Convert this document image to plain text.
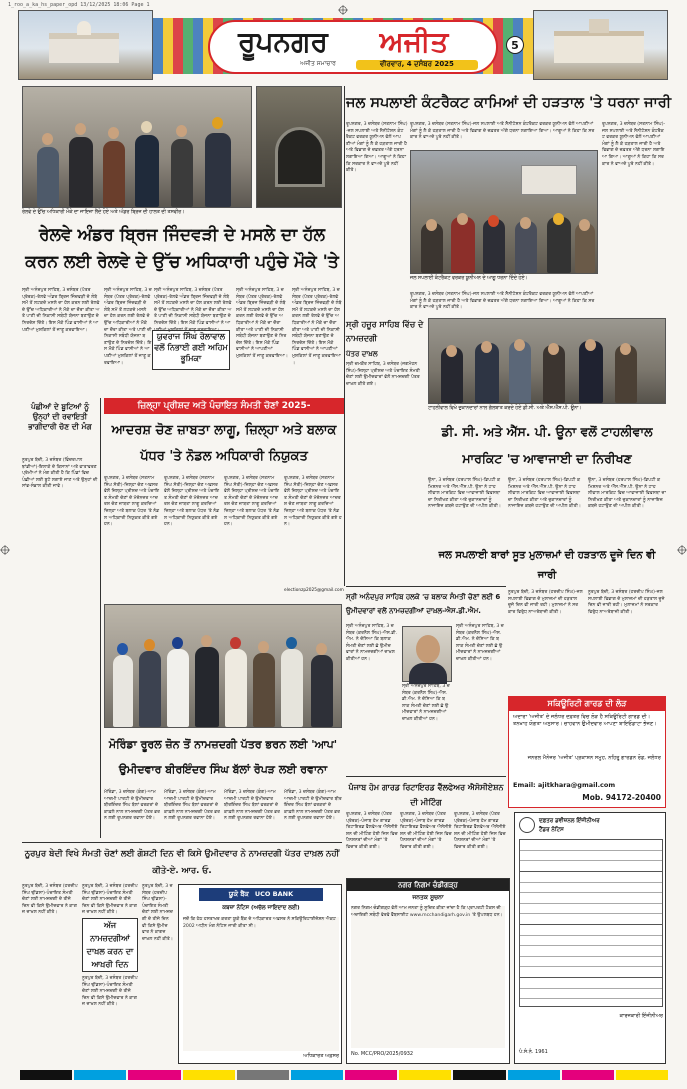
1_roo_a_ka_hs_paper_opd 13/12/2025 18:06 Page 1
ਰੂਪਨਗਰ	ਅਜੀਤ
ਅਜੀਤ ਸਮਾਚਾਰ	ਵੀਰਵਾਰ, 4 ਦਸੰਬਰ 2025
5
ਰੇਲਵੇ ਦੇ ਉੱਚ ਅਧਿਕਾਰੀ ਮੌਕੇ ਦਾ ਜਾਇਜ਼ਾ ਲੈਂਦੇ ਹੋਏ ਅਤੇ ਅੰਡਰ ਬ੍ਰਿਜ ਦੀ ਹਾਲਤ ਦੀ ਤਸਵੀਰ।
ਰੇਲਵੇ ਅੰਡਰ ਬ੍ਰਿਜ ਜਿੰਦਵੜੀ ਦੇ ਮਸਲੇ ਦਾ ਹੱਲ ਕਰਨ ਲਈ ਰੇਲਵੇ ਦੇ ਉੱਚ ਅਧਿਕਾਰੀ ਪਹੁੰਚੇ ਮੌਕੇ 'ਤੇ
ਸ੍ਰੀ ਅਨੰਦਪੁਰ ਸਾਹਿਬ, 3 ਦਸੰਬਰ (ਪੱਤਰ ਪ੍ਰੇਰਕ)-ਰੇਲਵੇ ਅੰਡਰ ਬ੍ਰਿਜ ਜਿੰਦਵੜੀ ਦੇ ਲੰਬੇ ਸਮੇਂ ਤੋਂ ਲਟਕਦੇ ਮਸਲੇ ਦਾ ਹੱਲ ਕਰਨ ਲਈ ਰੇਲਵੇ ਦੇ ਉੱਚ ਅਧਿਕਾਰੀਆਂ ਨੇ ਮੌਕੇ ਦਾ ਦੌਰਾ ਕੀਤਾ ਅਤੇ ਪਾਣੀ ਦੀ ਨਿਕਾਸੀ ਸਬੰਧੀ ਯੋਜਨਾ ਬਣਾਉਣ ਦੇ ਨਿਰਦੇਸ਼ ਦਿੱਤੇ। ਇਸ ਮੌਕੇ ਪਿੰਡ ਵਾਸੀਆਂ ਨੇ ਆਪਣੀਆਂ ਮੁਸ਼ਕਿਲਾਂ ਤੋਂ ਜਾਣੂ ਕਰਵਾਇਆ।
ਸ੍ਰੀ ਅਨੰਦਪੁਰ ਸਾਹਿਬ, 3 ਦਸੰਬਰ (ਪੱਤਰ ਪ੍ਰੇਰਕ)-ਰੇਲਵੇ ਅੰਡਰ ਬ੍ਰਿਜ ਜਿੰਦਵੜੀ ਦੇ ਲੰਬੇ ਸਮੇਂ ਤੋਂ ਲਟਕਦੇ ਮਸਲੇ ਦਾ ਹੱਲ ਕਰਨ ਲਈ ਰੇਲਵੇ ਦੇ ਉੱਚ ਅਧਿਕਾਰੀਆਂ ਨੇ ਮੌਕੇ ਦਾ ਦੌਰਾ ਕੀਤਾ ਅਤੇ ਪਾਣੀ ਦੀ ਨਿਕਾਸੀ ਸਬੰਧੀ ਯੋਜਨਾ ਬਣਾਉਣ ਦੇ ਨਿਰਦੇਸ਼ ਦਿੱਤੇ। ਇਸ ਮੌਕੇ ਪਿੰਡ ਵਾਸੀਆਂ ਨੇ ਆਪਣੀਆਂ ਮੁਸ਼ਕਿਲਾਂ ਤੋਂ ਜਾਣੂ ਕਰਵਾਇਆ।
ਯੁਵਰਾਜ ਸਿੰਘ ਰੋਲਾਵਾਲ ਵਲੋਂ ਨਿਭਾਈ ਗਈ ਅਹਿਮ ਭੂਮਿਕਾ
ਸ੍ਰੀ ਅਨੰਦਪੁਰ ਸਾਹਿਬ, 3 ਦਸੰਬਰ (ਪੱਤਰ ਪ੍ਰੇਰਕ)-ਰੇਲਵੇ ਅੰਡਰ ਬ੍ਰਿਜ ਜਿੰਦਵੜੀ ਦੇ ਲੰਬੇ ਸਮੇਂ ਤੋਂ ਲਟਕਦੇ ਮਸਲੇ ਦਾ ਹੱਲ ਕਰਨ ਲਈ ਰੇਲਵੇ ਦੇ ਉੱਚ ਅਧਿਕਾਰੀਆਂ ਨੇ ਮੌਕੇ ਦਾ ਦੌਰਾ ਕੀਤਾ ਅਤੇ ਪਾਣੀ ਦੀ ਨਿਕਾਸੀ ਸਬੰਧੀ ਯੋਜਨਾ ਬਣਾਉਣ ਦੇ ਨਿਰਦੇਸ਼ ਦਿੱਤੇ। ਇਸ ਮੌਕੇ ਪਿੰਡ ਵਾਸੀਆਂ ਨੇ ਆਪਣੀਆਂ ਮੁਸ਼ਕਿਲਾਂ ਤੋਂ ਜਾਣੂ ਕਰਵਾਇਆ।
ਸ੍ਰੀ ਅਨੰਦਪੁਰ ਸਾਹਿਬ, 3 ਦਸੰਬਰ (ਪੱਤਰ ਪ੍ਰੇਰਕ)-ਰੇਲਵੇ ਅੰਡਰ ਬ੍ਰਿਜ ਜਿੰਦਵੜੀ ਦੇ ਲੰਬੇ ਸਮੇਂ ਤੋਂ ਲਟਕਦੇ ਮਸਲੇ ਦਾ ਹੱਲ ਕਰਨ ਲਈ ਰੇਲਵੇ ਦੇ ਉੱਚ ਅਧਿਕਾਰੀਆਂ ਨੇ ਮੌਕੇ ਦਾ ਦੌਰਾ ਕੀਤਾ ਅਤੇ ਪਾਣੀ ਦੀ ਨਿਕਾਸੀ ਸਬੰਧੀ ਯੋਜਨਾ ਬਣਾਉਣ ਦੇ ਨਿਰਦੇਸ਼ ਦਿੱਤੇ। ਇਸ ਮੌਕੇ ਪਿੰਡ ਵਾਸੀਆਂ ਨੇ ਆਪਣੀਆਂ ਮੁਸ਼ਕਿਲਾਂ ਤੋਂ ਜਾਣੂ ਕਰਵਾਇਆ।
ਸ੍ਰੀ ਅਨੰਦਪੁਰ ਸਾਹਿਬ, 3 ਦਸੰਬਰ (ਪੱਤਰ ਪ੍ਰੇਰਕ)-ਰੇਲਵੇ ਅੰਡਰ ਬ੍ਰਿਜ ਜਿੰਦਵੜੀ ਦੇ ਲੰਬੇ ਸਮੇਂ ਤੋਂ ਲਟਕਦੇ ਮਸਲੇ ਦਾ ਹੱਲ ਕਰਨ ਲਈ ਰੇਲਵੇ ਦੇ ਉੱਚ ਅਧਿਕਾਰੀਆਂ ਨੇ ਮੌਕੇ ਦਾ ਦੌਰਾ ਕੀਤਾ ਅਤੇ ਪਾਣੀ ਦੀ ਨਿਕਾਸੀ ਸਬੰਧੀ ਯੋਜਨਾ ਬਣਾਉਣ ਦੇ ਨਿਰਦੇਸ਼ ਦਿੱਤੇ। ਇਸ ਮੌਕੇ ਪਿੰਡ ਵਾਸੀਆਂ ਨੇ ਆਪਣੀਆਂ ਮੁਸ਼ਕਿਲਾਂ ਤੋਂ ਜਾਣੂ ਕਰਵਾਇਆ।
ਪੰਛੀਆਂ ਦੇ ਬੂਟਿਆਂ ਨੂੰ ਉਨ੍ਹਾਂ ਦੀ ਰਵਾਇਤੀ ਭਾਗੀਦਾਰੀ ਚੋਣ ਦੀ ਮੰਗ
ਨੂਰਪੁਰ ਬੇਦੀ, 3 ਦਸੰਬਰ (ਵਿੰਦਰਪਾਲ ਝਾਂਡੀਆਂ)-ਇਲਾਕੇ ਦੇ ਕਿਸਾਨਾਂ ਅਤੇ ਵਾਤਾਵਰਣ ਪ੍ਰੇਮੀਆਂ ਨੇ ਮੰਗ ਕੀਤੀ ਹੈ ਕਿ ਪਿੰਡਾਂ ਵਿਚ ਪੰਛੀਆਂ ਲਈ ਬੂਟੇ ਲਗਾਏ ਜਾਣ ਅਤੇ ਉਨ੍ਹਾਂ ਦੀ ਸਾਂਭ-ਸੰਭਾਲ ਕੀਤੀ ਜਾਵੇ।
ਜ਼ਿਲ੍ਹਾ ਪ੍ਰੀਸ਼ਦ ਅਤੇ ਪੰਚਾਇਤ ਸੰਮਤੀ ਚੋਣਾਂ 2025-
ਆਦਰਸ਼ ਚੋਣ ਜ਼ਾਬਤਾ ਲਾਗੂ, ਜ਼ਿਲ੍ਹਾ ਅਤੇ ਬਲਾਕ ਪੱਧਰ 'ਤੇ ਨੋਡਲ ਅਧਿਕਾਰੀ ਨਿਯੁਕਤ
ਰੂਪਨਗਰ, 3 ਦਸੰਬਰ (ਸਤਨਾਮ ਸਿੰਘ ਸੱਤੀ)-ਜ਼ਿਲ੍ਹਾ ਚੋਣ ਅਫ਼ਸਰ ਵੱਲੋਂ ਜ਼ਿਲ੍ਹਾ ਪ੍ਰੀਸ਼ਦ ਅਤੇ ਪੰਚਾਇਤ ਸੰਮਤੀ ਚੋਣਾਂ ਦੇ ਮੱਦੇਨਜ਼ਰ ਆਦਰਸ਼ ਚੋਣ ਜ਼ਾਬਤਾ ਲਾਗੂ ਕਰਦਿਆਂ ਜ਼ਿਲ੍ਹਾ ਅਤੇ ਬਲਾਕ ਪੱਧਰ 'ਤੇ ਨੋਡਲ ਅਧਿਕਾਰੀ ਨਿਯੁਕਤ ਕੀਤੇ ਗਏ ਹਨ।
ਰੂਪਨਗਰ, 3 ਦਸੰਬਰ (ਸਤਨਾਮ ਸਿੰਘ ਸੱਤੀ)-ਜ਼ਿਲ੍ਹਾ ਚੋਣ ਅਫ਼ਸਰ ਵੱਲੋਂ ਜ਼ਿਲ੍ਹਾ ਪ੍ਰੀਸ਼ਦ ਅਤੇ ਪੰਚਾਇਤ ਸੰਮਤੀ ਚੋਣਾਂ ਦੇ ਮੱਦੇਨਜ਼ਰ ਆਦਰਸ਼ ਚੋਣ ਜ਼ਾਬਤਾ ਲਾਗੂ ਕਰਦਿਆਂ ਜ਼ਿਲ੍ਹਾ ਅਤੇ ਬਲਾਕ ਪੱਧਰ 'ਤੇ ਨੋਡਲ ਅਧਿਕਾਰੀ ਨਿਯੁਕਤ ਕੀਤੇ ਗਏ ਹਨ।
ਰੂਪਨਗਰ, 3 ਦਸੰਬਰ (ਸਤਨਾਮ ਸਿੰਘ ਸੱਤੀ)-ਜ਼ਿਲ੍ਹਾ ਚੋਣ ਅਫ਼ਸਰ ਵੱਲੋਂ ਜ਼ਿਲ੍ਹਾ ਪ੍ਰੀਸ਼ਦ ਅਤੇ ਪੰਚਾਇਤ ਸੰਮਤੀ ਚੋਣਾਂ ਦੇ ਮੱਦੇਨਜ਼ਰ ਆਦਰਸ਼ ਚੋਣ ਜ਼ਾਬਤਾ ਲਾਗੂ ਕਰਦਿਆਂ ਜ਼ਿਲ੍ਹਾ ਅਤੇ ਬਲਾਕ ਪੱਧਰ 'ਤੇ ਨੋਡਲ ਅਧਿਕਾਰੀ ਨਿਯੁਕਤ ਕੀਤੇ ਗਏ ਹਨ।
ਰੂਪਨਗਰ, 3 ਦਸੰਬਰ (ਸਤਨਾਮ ਸਿੰਘ ਸੱਤੀ)-ਜ਼ਿਲ੍ਹਾ ਚੋਣ ਅਫ਼ਸਰ ਵੱਲੋਂ ਜ਼ਿਲ੍ਹਾ ਪ੍ਰੀਸ਼ਦ ਅਤੇ ਪੰਚਾਇਤ ਸੰਮਤੀ ਚੋਣਾਂ ਦੇ ਮੱਦੇਨਜ਼ਰ ਆਦਰਸ਼ ਚੋਣ ਜ਼ਾਬਤਾ ਲਾਗੂ ਕਰਦਿਆਂ ਜ਼ਿਲ੍ਹਾ ਅਤੇ ਬਲਾਕ ਪੱਧਰ 'ਤੇ ਨੋਡਲ ਅਧਿਕਾਰੀ ਨਿਯੁਕਤ ਕੀਤੇ ਗਏ ਹਨ।
electionzp2025@gmail.com
ਮੋਰਿੰਡਾ ਰੂਰਲ ਜ਼ੋਨ ਤੋਂ ਨਾਮਜ਼ਦਗੀ ਪੱਤਰ ਭਰਨ ਲਈ 'ਆਪ' ਉਮੀਦਵਾਰ ਬੀਰਇੰਦਰ ਸਿੰਘ ਬੱਲਾਂ ਰੋਪੜ ਲਈ ਰਵਾਨਾ
ਮੋਰਿੰਡਾ, 3 ਦਸੰਬਰ (ਕੰਗ)-ਆਮ ਆਦਮੀ ਪਾਰਟੀ ਦੇ ਉਮੀਦਵਾਰ ਬੀਰਇੰਦਰ ਸਿੰਘ ਬੱਲਾਂ ਵਰਕਰਾਂ ਦੇ ਕਾਫ਼ਲੇ ਨਾਲ ਨਾਮਜ਼ਦਗੀ ਪੱਤਰ ਭਰਨ ਲਈ ਰੂਪਨਗਰ ਰਵਾਨਾ ਹੋਏ।
ਮੋਰਿੰਡਾ, 3 ਦਸੰਬਰ (ਕੰਗ)-ਆਮ ਆਦਮੀ ਪਾਰਟੀ ਦੇ ਉਮੀਦਵਾਰ ਬੀਰਇੰਦਰ ਸਿੰਘ ਬੱਲਾਂ ਵਰਕਰਾਂ ਦੇ ਕਾਫ਼ਲੇ ਨਾਲ ਨਾਮਜ਼ਦਗੀ ਪੱਤਰ ਭਰਨ ਲਈ ਰੂਪਨਗਰ ਰਵਾਨਾ ਹੋਏ।
ਮੋਰਿੰਡਾ, 3 ਦਸੰਬਰ (ਕੰਗ)-ਆਮ ਆਦਮੀ ਪਾਰਟੀ ਦੇ ਉਮੀਦਵਾਰ ਬੀਰਇੰਦਰ ਸਿੰਘ ਬੱਲਾਂ ਵਰਕਰਾਂ ਦੇ ਕਾਫ਼ਲੇ ਨਾਲ ਨਾਮਜ਼ਦਗੀ ਪੱਤਰ ਭਰਨ ਲਈ ਰੂਪਨਗਰ ਰਵਾਨਾ ਹੋਏ।
ਮੋਰਿੰਡਾ, 3 ਦਸੰਬਰ (ਕੰਗ)-ਆਮ ਆਦਮੀ ਪਾਰਟੀ ਦੇ ਉਮੀਦਵਾਰ ਬੀਰਇੰਦਰ ਸਿੰਘ ਬੱਲਾਂ ਵਰਕਰਾਂ ਦੇ ਕਾਫ਼ਲੇ ਨਾਲ ਨਾਮਜ਼ਦਗੀ ਪੱਤਰ ਭਰਨ ਲਈ ਰੂਪਨਗਰ ਰਵਾਨਾ ਹੋਏ।
ਨੂਰਪੁਰ ਬੇਦੀ ਵਿਖੇ ਸੰਮਤੀ ਚੋਣਾਂ ਲਈ ਗੋਸ਼ਟੀ ਦਿਨ ਵੀ ਕਿਸੇ ਉਮੀਦਵਾਰ ਨੇ ਨਾਮਜ਼ਦਗੀ ਪੱਤਰ ਦਾਖ਼ਲ ਨਹੀਂ ਕੀਤੇ-ਏ. ਆਰ. ਓ.
ਨੂਰਪੁਰ ਬੇਦੀ, 3 ਦਸੰਬਰ (ਹਰਦੀਪ ਸਿੰਘ ਢੀਂਡਸਾ)-ਪੰਚਾਇਤ ਸੰਮਤੀ ਚੋਣਾਂ ਲਈ ਨਾਮਜ਼ਦਗੀ ਦੇ ਤੀਜੇ ਦਿਨ ਵੀ ਕਿਸੇ ਉਮੀਦਵਾਰ ਨੇ ਕਾਗਜ਼ ਦਾਖ਼ਲ ਨਹੀਂ ਕੀਤੇ।
ਅੱਜ ਨਾਮਜ਼ਦਗੀਆਂ ਦਾਖ਼ਲ ਕਰਨ ਦਾ ਆਖ਼ਰੀ ਦਿਨ
ਨੂਰਪੁਰ ਬੇਦੀ, 3 ਦਸੰਬਰ (ਹਰਦੀਪ ਸਿੰਘ ਢੀਂਡਸਾ)-ਪੰਚਾਇਤ ਸੰਮਤੀ ਚੋਣਾਂ ਲਈ ਨਾਮਜ਼ਦਗੀ ਦੇ ਤੀਜੇ ਦਿਨ ਵੀ ਕਿਸੇ ਉਮੀਦਵਾਰ ਨੇ ਕਾਗਜ਼ ਦਾਖ਼ਲ ਨਹੀਂ ਕੀਤੇ।
ਨੂਰਪੁਰ ਬੇਦੀ, 3 ਦਸੰਬਰ (ਹਰਦੀਪ ਸਿੰਘ ਢੀਂਡਸਾ)-ਪੰਚਾਇਤ ਸੰਮਤੀ ਚੋਣਾਂ ਲਈ ਨਾਮਜ਼ਦਗੀ ਦੇ ਤੀਜੇ ਦਿਨ ਵੀ ਕਿਸੇ ਉਮੀਦਵਾਰ ਨੇ ਕਾਗਜ਼ ਦਾਖ਼ਲ ਨਹੀਂ ਕੀਤੇ।
ਨੂਰਪੁਰ ਬੇਦੀ, 3 ਦਸੰਬਰ (ਹਰਦੀਪ ਸਿੰਘ ਢੀਂਡਸਾ)-ਪੰਚਾਇਤ ਸੰਮਤੀ ਚੋਣਾਂ ਲਈ ਨਾਮਜ਼ਦਗੀ ਦੇ ਤੀਜੇ ਦਿਨ ਵੀ ਕਿਸੇ ਉਮੀਦਵਾਰ ਨੇ ਕਾਗਜ਼ ਦਾਖ਼ਲ ਨਹੀਂ ਕੀਤੇ।
ਯੂਕੋ ਬੈਂਕ UCO BANK
ਕਬਜ਼ਾ ਨੋਟਿਸ (ਅਚੱਲ ਜਾਇਦਾਦ ਲਈ)
ਜਦੋਂ ਕਿ ਹੇਠ ਹਸਤਾਖਰ ਕਰਤਾ ਯੂਕੋ ਬੈਂਕ ਦੇ ਅਧਿਕਾਰਤ ਅਫ਼ਸਰ ਨੇ ਸਕਿਊਰਿਟਾਈਜ਼ੇਸ਼ਨ ਐਕਟ 2002 ਅਧੀਨ ਮੰਗ ਨੋਟਿਸ ਜਾਰੀ ਕੀਤਾ ਸੀ।
ਅਧਿਕਾਰਤ ਅਫ਼ਸਰ
ਜਲ ਸਪਲਾਈ ਕੰਟਰੈਕਟ ਕਾਮਿਆਂ ਦੀ ਹੜਤਾਲ 'ਤੇ ਧਰਨਾ ਜਾਰੀ
ਰੂਪਨਗਰ, 3 ਦਸੰਬਰ (ਸਤਨਾਮ ਸਿੰਘ)-ਜਲ ਸਪਲਾਈ ਅਤੇ ਸੈਨੀਟੇਸ਼ਨ ਕੰਟਰੈਕਟ ਵਰਕਰ ਯੂਨੀਅਨ ਵੱਲੋਂ ਆਪਣੀਆਂ ਮੰਗਾਂ ਨੂੰ ਲੈ ਕੇ ਹੜਤਾਲ ਜਾਰੀ ਹੈ ਅਤੇ ਵਿਭਾਗ ਦੇ ਦਫ਼ਤਰ ਅੱਗੇ ਧਰਨਾ ਲਗਾਇਆ ਗਿਆ। ਆਗੂਆਂ ਨੇ ਕਿਹਾ ਕਿ ਸਰਕਾਰ ਨੇ ਵਾਅਦੇ ਪੂਰੇ ਨਹੀਂ ਕੀਤੇ।
ਰੂਪਨਗਰ, 3 ਦਸੰਬਰ (ਸਤਨਾਮ ਸਿੰਘ)-ਜਲ ਸਪਲਾਈ ਅਤੇ ਸੈਨੀਟੇਸ਼ਨ ਕੰਟਰੈਕਟ ਵਰਕਰ ਯੂਨੀਅਨ ਵੱਲੋਂ ਆਪਣੀਆਂ ਮੰਗਾਂ ਨੂੰ ਲੈ ਕੇ ਹੜਤਾਲ ਜਾਰੀ ਹੈ ਅਤੇ ਵਿਭਾਗ ਦੇ ਦਫ਼ਤਰ ਅੱਗੇ ਧਰਨਾ ਲਗਾਇਆ ਗਿਆ। ਆਗੂਆਂ ਨੇ ਕਿਹਾ ਕਿ ਸਰਕਾਰ ਨੇ ਵਾਅਦੇ ਪੂਰੇ ਨਹੀਂ ਕੀਤੇ।
ਜਲ ਸਪਲਾਈ ਕੰਟਰੈਕਟ ਵਰਕਰ ਯੂਨੀਅਨ ਦੇ ਆਗੂ ਧਰਨਾ ਦਿੰਦੇ ਹੋਏ।
ਰੂਪਨਗਰ, 3 ਦਸੰਬਰ (ਸਤਨਾਮ ਸਿੰਘ)-ਜਲ ਸਪਲਾਈ ਅਤੇ ਸੈਨੀਟੇਸ਼ਨ ਕੰਟਰੈਕਟ ਵਰਕਰ ਯੂਨੀਅਨ ਵੱਲੋਂ ਆਪਣੀਆਂ ਮੰਗਾਂ ਨੂੰ ਲੈ ਕੇ ਹੜਤਾਲ ਜਾਰੀ ਹੈ ਅਤੇ ਵਿਭਾਗ ਦੇ ਦਫ਼ਤਰ ਅੱਗੇ ਧਰਨਾ ਲਗਾਇਆ ਗਿਆ। ਆਗੂਆਂ ਨੇ ਕਿਹਾ ਕਿ ਸਰਕਾਰ ਨੇ ਵਾਅਦੇ ਪੂਰੇ ਨਹੀਂ ਕੀਤੇ।
ਰੂਪਨਗਰ, 3 ਦਸੰਬਰ (ਸਤਨਾਮ ਸਿੰਘ)-ਜਲ ਸਪਲਾਈ ਅਤੇ ਸੈਨੀਟੇਸ਼ਨ ਕੰਟਰੈਕਟ ਵਰਕਰ ਯੂਨੀਅਨ ਵੱਲੋਂ ਆਪਣੀਆਂ ਮੰਗਾਂ ਨੂੰ ਲੈ ਕੇ ਹੜਤਾਲ ਜਾਰੀ ਹੈ ਅਤੇ ਵਿਭਾਗ ਦੇ ਦਫ਼ਤਰ ਅੱਗੇ ਧਰਨਾ ਲਗਾਇਆ ਗਿਆ। ਆਗੂਆਂ ਨੇ ਕਿਹਾ ਕਿ ਸਰਕਾਰ ਨੇ ਵਾਅਦੇ ਪੂਰੇ ਨਹੀਂ ਕੀਤੇ।
ਸ੍ਰੀ ਹਜ਼ੂਰ ਸਾਹਿਬ ਵਿੱਚ ਦੇ ਨਾਮਜ਼ਦਗੀ
ਪੱਤਰ ਦਾਖ਼ਲ
ਸ੍ਰੀ ਚਮਕੌਰ ਸਾਹਿਬ, 3 ਦਸੰਬਰ (ਜਗਮੋਹਨ ਸਿੰਘ)-ਜ਼ਿਲ੍ਹਾ ਪ੍ਰੀਸ਼ਦ ਅਤੇ ਪੰਚਾਇਤ ਸੰਮਤੀ ਚੋਣਾਂ ਲਈ ਉਮੀਦਵਾਰਾਂ ਵੱਲੋਂ ਨਾਮਜ਼ਦਗੀ ਪੱਤਰ ਦਾਖ਼ਲ ਕੀਤੇ ਗਏ।
ਟਾਹਲੀਵਾਲ ਵਿਖੇ ਦੁਕਾਨਦਾਰਾਂ ਨਾਲ ਗੱਲਬਾਤ ਕਰਦੇ ਹੋਏ ਡੀ.ਸੀ. ਅਤੇ ਐੱਸ.ਐੱਸ.ਪੀ. ਊਨਾ।
ਡੀ. ਸੀ. ਅਤੇ ਐੱਸ. ਪੀ. ਊਨਾ ਵਲੋਂ ਟਾਹਲੀਵਾਲ ਮਾਰਕਿਟ 'ਚ ਆਵਾਜਾਈ ਦਾ ਨਿਰੀਖਣ
ਊਨਾ, 3 ਦਸੰਬਰ (ਹਰਪਾਲ ਸਿੰਘ)-ਡਿਪਟੀ ਕਮਿਸ਼ਨਰ ਅਤੇ ਐੱਸ.ਐੱਸ.ਪੀ. ਊਨਾ ਨੇ ਟਾਹਲੀਵਾਲ ਮਾਰਕਿਟ ਵਿਚ ਆਵਾਜਾਈ ਵਿਵਸਥਾ ਦਾ ਨਿਰੀਖਣ ਕੀਤਾ ਅਤੇ ਦੁਕਾਨਦਾਰਾਂ ਨੂੰ ਨਾਜਾਇਜ਼ ਕਬਜ਼ੇ ਹਟਾਉਣ ਦੀ ਅਪੀਲ ਕੀਤੀ।
ਊਨਾ, 3 ਦਸੰਬਰ (ਹਰਪਾਲ ਸਿੰਘ)-ਡਿਪਟੀ ਕਮਿਸ਼ਨਰ ਅਤੇ ਐੱਸ.ਐੱਸ.ਪੀ. ਊਨਾ ਨੇ ਟਾਹਲੀਵਾਲ ਮਾਰਕਿਟ ਵਿਚ ਆਵਾਜਾਈ ਵਿਵਸਥਾ ਦਾ ਨਿਰੀਖਣ ਕੀਤਾ ਅਤੇ ਦੁਕਾਨਦਾਰਾਂ ਨੂੰ ਨਾਜਾਇਜ਼ ਕਬਜ਼ੇ ਹਟਾਉਣ ਦੀ ਅਪੀਲ ਕੀਤੀ।
ਊਨਾ, 3 ਦਸੰਬਰ (ਹਰਪਾਲ ਸਿੰਘ)-ਡਿਪਟੀ ਕਮਿਸ਼ਨਰ ਅਤੇ ਐੱਸ.ਐੱਸ.ਪੀ. ਊਨਾ ਨੇ ਟਾਹਲੀਵਾਲ ਮਾਰਕਿਟ ਵਿਚ ਆਵਾਜਾਈ ਵਿਵਸਥਾ ਦਾ ਨਿਰੀਖਣ ਕੀਤਾ ਅਤੇ ਦੁਕਾਨਦਾਰਾਂ ਨੂੰ ਨਾਜਾਇਜ਼ ਕਬਜ਼ੇ ਹਟਾਉਣ ਦੀ ਅਪੀਲ ਕੀਤੀ।
ਜਲ ਸਪਲਾਈ ਬਾਰਾਂ ਸੂਤ ਮੁਲਾਜ਼ਮਾਂ ਦੀ ਹੜਤਾਲ ਦੂਜੇ ਦਿਨ ਵੀ ਜਾਰੀ
ਨੂਰਪੁਰ ਬੇਦੀ, 3 ਦਸੰਬਰ (ਹਰਦੀਪ ਸਿੰਘ)-ਜਲ ਸਪਲਾਈ ਵਿਭਾਗ ਦੇ ਮੁਲਾਜ਼ਮਾਂ ਦੀ ਹੜਤਾਲ ਦੂਜੇ ਦਿਨ ਵੀ ਜਾਰੀ ਰਹੀ। ਮੁਲਾਜ਼ਮਾਂ ਨੇ ਸਰਕਾਰ ਵਿਰੁੱਧ ਨਾਅਰੇਬਾਜ਼ੀ ਕੀਤੀ।
ਨੂਰਪੁਰ ਬੇਦੀ, 3 ਦਸੰਬਰ (ਹਰਦੀਪ ਸਿੰਘ)-ਜਲ ਸਪਲਾਈ ਵਿਭਾਗ ਦੇ ਮੁਲਾਜ਼ਮਾਂ ਦੀ ਹੜਤਾਲ ਦੂਜੇ ਦਿਨ ਵੀ ਜਾਰੀ ਰਹੀ। ਮੁਲਾਜ਼ਮਾਂ ਨੇ ਸਰਕਾਰ ਵਿਰੁੱਧ ਨਾਅਰੇਬਾਜ਼ੀ ਕੀਤੀ।
ਸ੍ਰੀ ਅਨੰਦਪੁਰ ਸਾਹਿਬ ਹਲਕੇ 'ਚ ਬਲਾਕ ਸੰਮਤੀ ਚੋਣਾਂ ਲਈ 6 ਉਮੀਦਵਾਰਾਂ ਵਲੋਂ ਨਾਮਜ਼ਦਗੀਆਂ ਦਾਖ਼ਲ-ਐਸ.ਡੀ.ਐਮ.
ਸ੍ਰੀ ਅਨੰਦਪੁਰ ਸਾਹਿਬ, 3 ਦਸੰਬਰ (ਕਰਨੈਲ ਸਿੰਘ)-ਐਸ.ਡੀ.ਐਮ. ਨੇ ਦੱਸਿਆ ਕਿ ਬਲਾਕ ਸੰਮਤੀ ਚੋਣਾਂ ਲਈ ਛੇ ਉਮੀਦਵਾਰਾਂ ਨੇ ਨਾਮਜ਼ਦਗੀਆਂ ਦਾਖ਼ਲ ਕੀਤੀਆਂ ਹਨ।
ਸ੍ਰੀ ਅਨੰਦਪੁਰ ਸਾਹਿਬ, 3 ਦਸੰਬਰ (ਕਰਨੈਲ ਸਿੰਘ)-ਐਸ.ਡੀ.ਐਮ. ਨੇ ਦੱਸਿਆ ਕਿ ਬਲਾਕ ਸੰਮਤੀ ਚੋਣਾਂ ਲਈ ਛੇ ਉਮੀਦਵਾਰਾਂ ਨੇ ਨਾਮਜ਼ਦਗੀਆਂ ਦਾਖ਼ਲ ਕੀਤੀਆਂ ਹਨ।
ਸ੍ਰੀ ਅਨੰਦਪੁਰ ਸਾਹਿਬ, 3 ਦਸੰਬਰ (ਕਰਨੈਲ ਸਿੰਘ)-ਐਸ.ਡੀ.ਐਮ. ਨੇ ਦੱਸਿਆ ਕਿ ਬਲਾਕ ਸੰਮਤੀ ਚੋਣਾਂ ਲਈ ਛੇ ਉਮੀਦਵਾਰਾਂ ਨੇ ਨਾਮਜ਼ਦਗੀਆਂ ਦਾਖ਼ਲ ਕੀਤੀਆਂ ਹਨ।
ਸਕਿਊਰਿਟੀ ਗਾਰਡ ਦੀ ਲੋੜ
ਅਦਾਰਾ 'ਅਜੀਤ' ਦੇ ਜਲੰਧਰ ਦਫ਼ਤਰ ਵਿਚ ਲੋੜ ਹੈ ਸਕਿਊਰਿਟੀ ਗਾਰਡ ਦੀ। ਤਨਖ਼ਾਹ ਯੋਗਤਾ ਅਨੁਸਾਰ। ਚਾਹਵਾਨ ਉਮੀਦਵਾਰ ਆਪਣਾ ਬਾਇਓਡਾਟਾ ਭੇਜਣ।
ਜਨਰਲ ਮੈਨੇਜਰ 'ਅਜੀਤ' ਪ੍ਰਕਾਸ਼ਨ ਸਮੂਹ, ਨਹਿਰੂ ਗਾਰਡਨ ਰੋਡ, ਜਲੰਧਰ
Email: ajitkhara@gmail.com
Mob. 94172-20400
ਪੰਜਾਬ ਹੋਮ ਗਾਰਡ ਰਿਟਾਇਰਡ ਵੈੱਲਫੇਅਰ ਐਸੋਸੀਏਸ਼ਨ ਦੀ ਮੀਟਿੰਗ
ਰੂਪਨਗਰ, 3 ਦਸੰਬਰ (ਪੱਤਰ ਪ੍ਰੇਰਕ)-ਪੰਜਾਬ ਹੋਮ ਗਾਰਡ ਰਿਟਾਇਰਡ ਵੈੱਲਫੇਅਰ ਐਸੋਸੀਏਸ਼ਨ ਦੀ ਮੀਟਿੰਗ ਹੋਈ ਜਿਸ ਵਿਚ ਪੈਨਸ਼ਨਰਾਂ ਦੀਆਂ ਮੰਗਾਂ 'ਤੇ ਵਿਚਾਰ ਕੀਤੀ ਗਈ।
ਰੂਪਨਗਰ, 3 ਦਸੰਬਰ (ਪੱਤਰ ਪ੍ਰੇਰਕ)-ਪੰਜਾਬ ਹੋਮ ਗਾਰਡ ਰਿਟਾਇਰਡ ਵੈੱਲਫੇਅਰ ਐਸੋਸੀਏਸ਼ਨ ਦੀ ਮੀਟਿੰਗ ਹੋਈ ਜਿਸ ਵਿਚ ਪੈਨਸ਼ਨਰਾਂ ਦੀਆਂ ਮੰਗਾਂ 'ਤੇ ਵਿਚਾਰ ਕੀਤੀ ਗਈ।
ਰੂਪਨਗਰ, 3 ਦਸੰਬਰ (ਪੱਤਰ ਪ੍ਰੇਰਕ)-ਪੰਜਾਬ ਹੋਮ ਗਾਰਡ ਰਿਟਾਇਰਡ ਵੈੱਲਫੇਅਰ ਐਸੋਸੀਏਸ਼ਨ ਦੀ ਮੀਟਿੰਗ ਹੋਈ ਜਿਸ ਵਿਚ ਪੈਨਸ਼ਨਰਾਂ ਦੀਆਂ ਮੰਗਾਂ 'ਤੇ ਵਿਚਾਰ ਕੀਤੀ ਗਈ।
ਨਗਰ ਨਿਗਮ ਚੰਡੀਗੜ੍ਹ
ਜਨਤਕ ਸੂਚਨਾ
ਨਗਰ ਨਿਗਮ ਚੰਡੀਗੜ੍ਹ ਵੱਲੋਂ ਆਮ ਜਨਤਾ ਨੂੰ ਸੂਚਿਤ ਕੀਤਾ ਜਾਂਦਾ ਹੈ ਕਿ ਪ੍ਰਾਪਰਟੀ ਟੈਕਸ ਦੀ ਅਦਾਇਗੀ ਸਬੰਧੀ ਵੇਰਵੇ ਵੈੱਬਸਾਈਟ www.mcchandigarh.gov.in 'ਤੇ ਉਪਲਬਧ ਹਨ।
No. MCC/PRO/2025/0932
ਦਫ਼ਤਰ ਡਵੀਜ਼ਨਲ ਇੰਜੀਨੀਅਰ
ਟੈਂਡਰ ਨੋਟਿਸ
ਕਾਰਜਕਾਰੀ ਇੰਜੀਨੀਅਰ
ਪੰ.ਸੰ.ਨੰ. 1961
